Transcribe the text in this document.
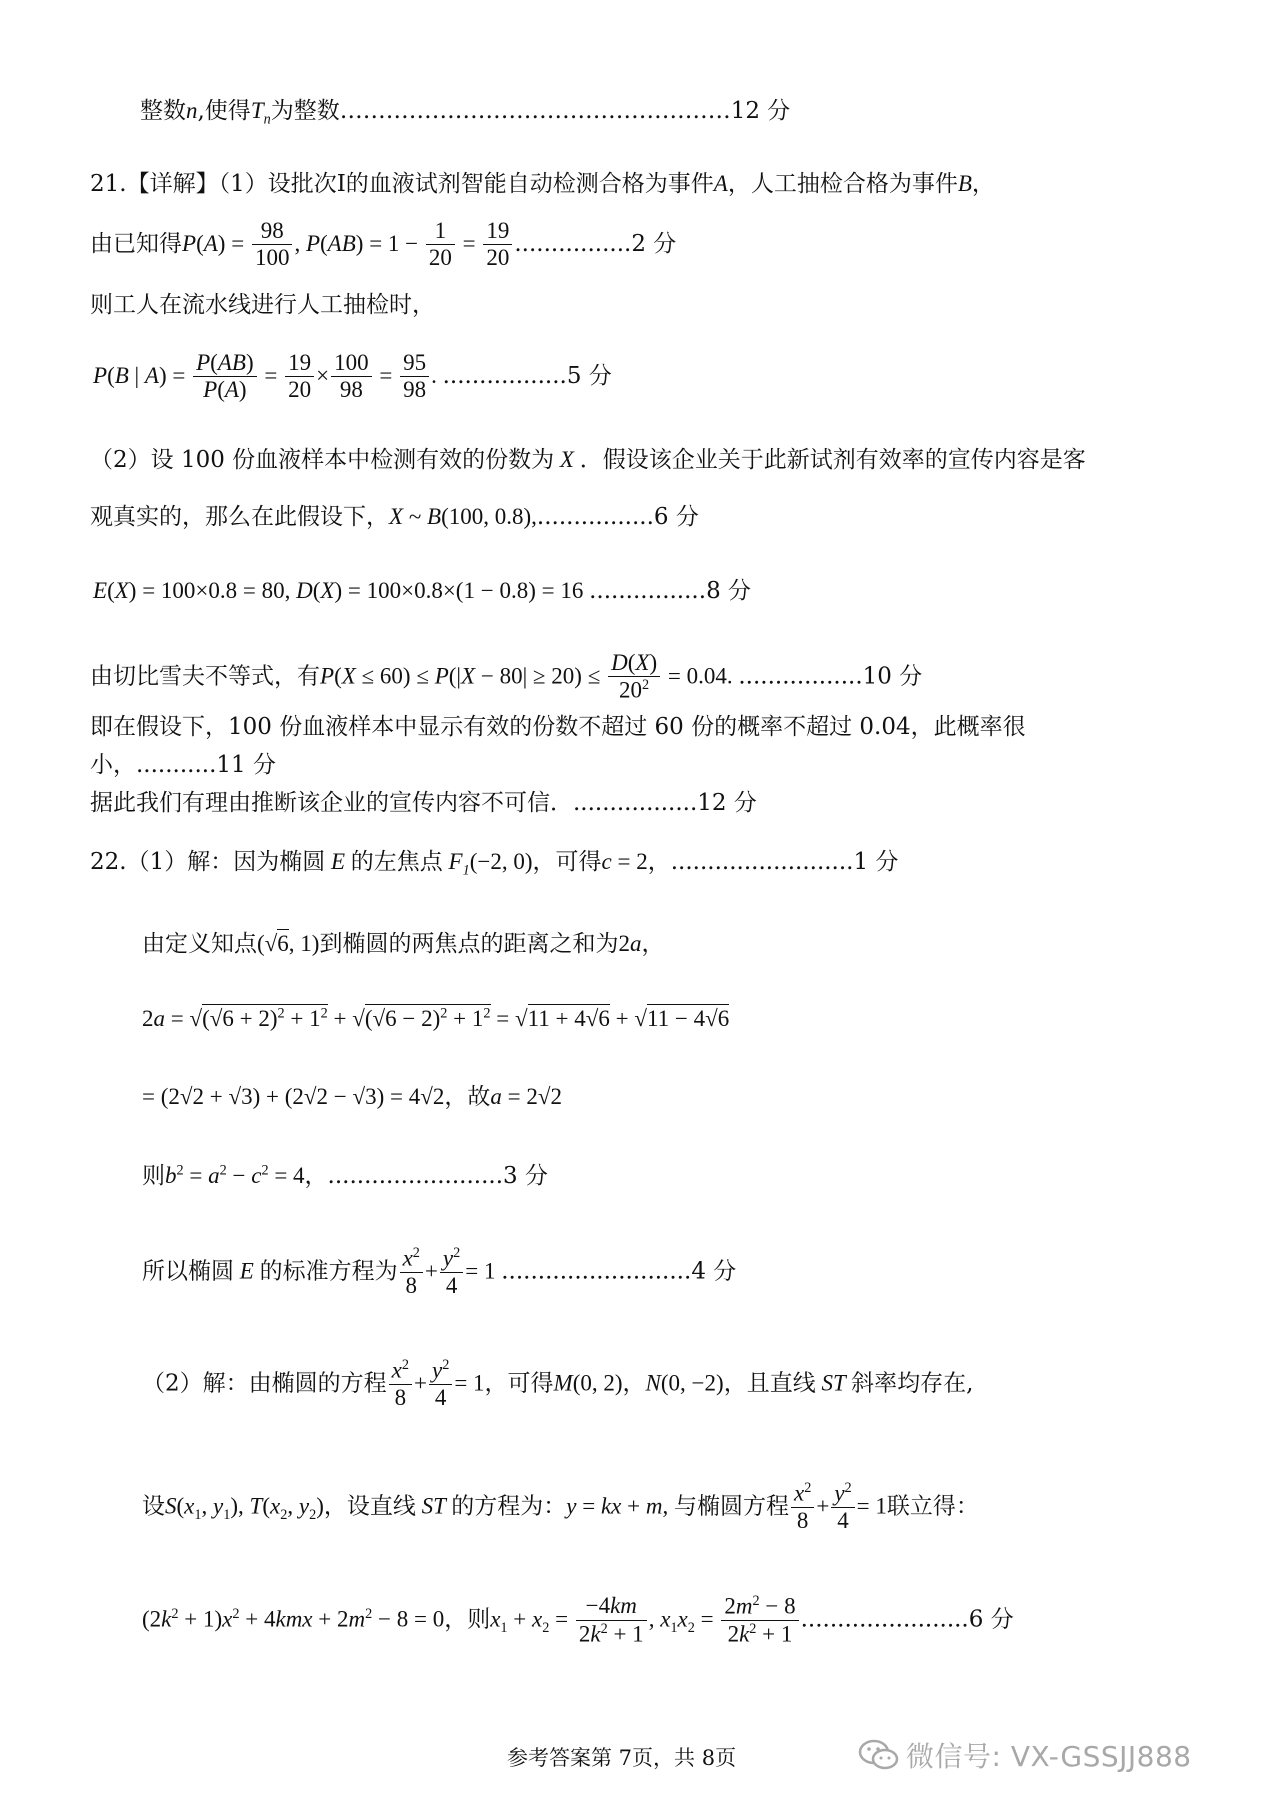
整数n,使得$T_n$为整数……………………………………………12 分
21.【详解】（1）设批次I的血液试剂智能自动检测合格为事件A，人工抽检合格为事件B，
由已知得$P(A) = \frac{98}{100}$ , $P(AB) = 1 - \frac{1}{20} = \frac{19}{20} ................2$ 分
则工人在流水线进行人工抽检时，
P(B | $A) = \frac{P(AB)}{P(A)} = \frac{19}{20} \times \frac{100}{98} = \frac{95}{98}$ . .................5 分
（2）设 100 份血液样本中检测有效的份数为 X ．假设该企业关于此新试剂有效率的宣传内容是客
观真实的，那么在此假设下，X ~ B(100, 0.8),................6 分
E(X) = 100×0.8 = 80, D(X) = 100×0.8×(1 − 0.8) = 16 ................8 分
由切比雪夫不等式，有$P(X \le 60) \le P(|X - 80| \ge 20) \le \frac{D(X)}{20^2} = 0.04$. .................10 分
即在假设下，100 份血液样本中显示有效的份数不超过 60 份的概率不超过 0.04，此概率很
小，...........11 分
据此我们有理由推断该企业的宣传内容不可信．.................12 分
22.（1）解：因为椭圆 E 的左焦点 $F_1(-2$, 0)，可得c = 2，.........................1 分
由定义知点(√6, 1)到椭圆的两焦点的距离之和为2a，
$2a = √(√6 + 2)^2 + 1^2 + √(√6 - 2)^2 + 1^2 = √11 + 4√6 + √11 - 4√6$
= (2√2 + √3) + (2√2 − √3) = 4√2，故a = 2√2
则$b^2 = a^2 - c^2 = 4$，........................3 分
所以椭圆 E 的标准方程为 $\frac{x^2}{8} + \frac{y^2}{4} = 1$ ..........................4 分
（2）解：由椭圆的方程 $\frac{x^2}{8} + \frac{y^2}{4} = 1$，可得M(0, 2)，N(0, −2)，且直线 ST 斜率均存在,
设$S(x_1$, $y_1$), $T(x_2$, $y_2$)，设直线 ST 的方程为：y = kx + m, 与椭圆方程 $\frac{x^2}{8} + \frac{y^2}{4} = 1$联立得：
$(2k^2 + 1)x^2 + 4kmx + 2m^2 - 8 = 0$，则$x_1 + x_2 = \frac{-4km}{2k^2 + 1}$ , $x_1x_2 = \frac{2m^2 - 8}{2k^2 + 1} .......................6$ 分
参考答案第 7页，共 8页	微信号: VX-GSSJJ888
